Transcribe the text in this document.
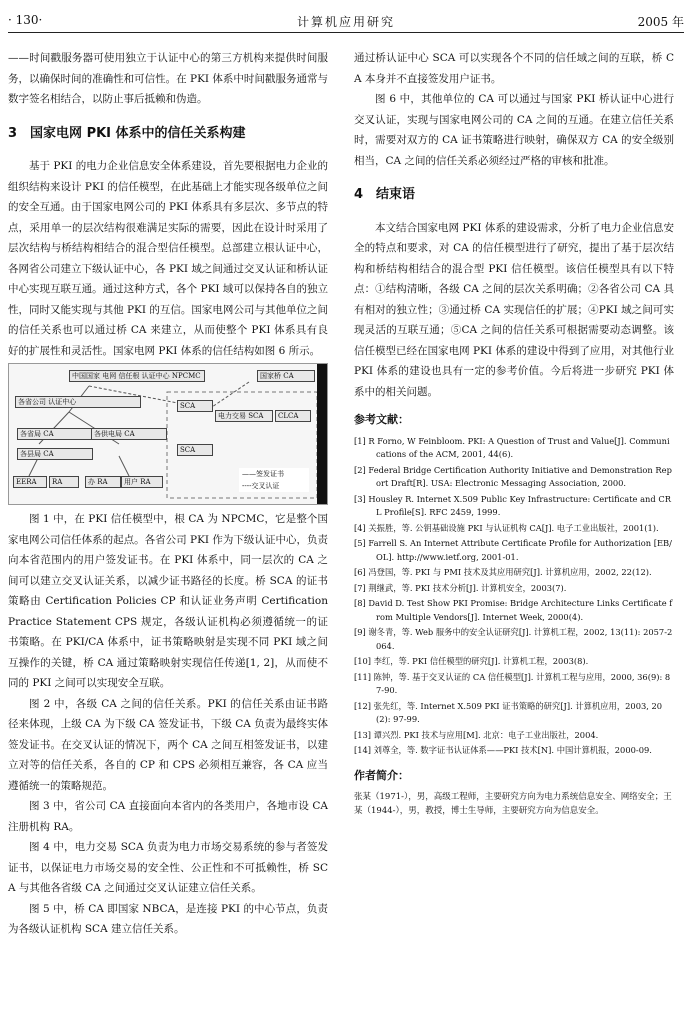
· 130·	计算机应用研究	2005 年

——时间戳服务器可使用独立于认证中心的第三方机构来提供时间服务，以确保时间的准确性和可信性。在 PKI 体系中时间戳服务通常与数字签名相结合，以防止事后抵赖和伪造。

3　国家电网 PKI 体系中的信任关系构建

基于 PKI 的电力企业信息安全体系建设，首先要根据电力企业的组织结构来设计 PKI 的信任模型，在此基础上才能实现各级单位之间的安全互通。由于国家电网公司的 PKI 体系具有多层次、多节点的特点，采用单一的层次结构很难满足实际的需要，因此在设计时采用了层次结构与桥结构相结合的混合型信任模型。总部建立根认证中心，各网省公司建立下级认证中心，各 PKI 域之间通过交叉认证和桥认证中心实现互联互通。通过这种方式，各个 PKI 域可以保持各自的独立性，同时又能实现与其他 PKI 的互信。国家电网公司与其他单位之间的信任关系也可以通过桥 CA 来建立，从而使整个 PKI 体系具有良好的扩展性和灵活性。国家电网 PKI 体系的信任结构如图 6 所示。

中国国家 电网 信任根 认证中心 NPCMC	国家桥 CA
各省公司 认证中心
各省局 CA	各供电局 CA
各县局 CA
EERA	RA	办 RA	用户 RA
SCA
电力交易 SCA
SCA
CLCA
——签发证书
----交叉认证

图 1 中，在 PKI 信任模型中，根 CA 为 NPCMC，它是整个国家电网公司信任体系的起点。各省公司 PKI 作为下级认证中心，负责向本省范围内的用户签发证书。在 PKI 体系中，同一层次的 CA 之间可以建立交叉认证关系，以减少证书路径的长度。桥 SCA 的证书策略由 Certification Policies CP 和认证业务声明 Certification Practice Statement CPS 规定，各级认证机构必须遵循统一的证书策略。在 PKI/CA 体系中，证书策略映射是实现不同 PKI 域之间互操作的关键，桥 CA 通过策略映射实现信任传递[1, 2]，从而使不同的 PKI 之间可以实现安全互联。

图 2 中，各级 CA 之间的信任关系。PKI 的信任关系由证书路径来体现，上级 CA 为下级 CA 签发证书，下级 CA 负责为最终实体签发证书。在交叉认证的情况下，两个 CA 之间互相签发证书，以建立对等的信任关系，各自的 CP 和 CPS 必须相互兼容，各 CA 应当遵循统一的策略规范。

图 3 中，省公司 CA 直接面向本省内的各类用户，各地市设 CA 注册机构 RA。

图 4 中，电力交易 SCA 负责为电力市场交易系统的参与者签发证书，以保证电力市场交易的安全性、公正性和不可抵赖性，桥 SCA 与其他各省级 CA 之间通过交叉认证建立信任关系。

图 5 中，桥 CA 即国家 NBCA，是连接 PKI 的中心节点，负责为各级认证机构 SCA 建立信任关系。

通过桥认证中心 SCA 可以实现各个不同的信任域之间的互联，桥 CA 本身并不直接签发用户证书。

图 6 中，其他单位的 CA 可以通过与国家 PKI 桥认证中心进行交叉认证，实现与国家电网公司的 CA 之间的互通。在建立信任关系时，需要对双方的 CA 证书策略进行映射，确保双方 CA 的安全级别相当，CA 之间的信任关系必须经过严格的审核和批准。

4　结束语

本文结合国家电网 PKI 体系的建设需求，分析了电力企业信息安全的特点和要求，对 CA 的信任模型进行了研究，提出了基于层次结构和桥结构相结合的混合型 PKI 信任模型。该信任模型具有以下特点：①结构清晰，各级 CA 之间的层次关系明确；②各省公司 CA 具有相对的独立性；③通过桥 CA 实现信任的扩展；④PKI 域之间可实现灵活的互联互通；⑤CA 之间的信任关系可根据需要动态调整。该信任模型已经在国家电网 PKI 体系的建设中得到了应用，对其他行业 PKI 体系的建设也具有一定的参考价值。今后将进一步研究 PKI 体系中的相关问题。

参考文献：

[1] R Forno, W Feinbloom. PKI: A Question of Trust and Value[J]. Communications of the ACM, 2001, 44(6).

[2] Federal Bridge Certification Authority Initiative and Demonstration Report Draft[R]. USA: Electronic Messaging Association, 2000.

[3] Housley R. Internet X.509 Public Key Infrastructure: Certificate and CRL Profile[S]. RFC 2459, 1999.

[4] 关振胜，等. 公钥基础设施 PKI 与认证机构 CA[J]. 电子工业出版社，2001(1).

[5] Farrell S. An Internet Attribute Certificate Profile for Authorization [EB/OL]. http://www.ietf.org, 2001-01.

[6] 冯登国，等. PKI 与 PMI 技术及其应用研究[J]. 计算机应用，2002, 22(12).

[7] 荆继武，等. PKI 技术分析[J]. 计算机安全，2003(7).

[8] David D. Test Show PKI Promise: Bridge Architecture Links Certificate from Multiple Vendors[J]. Internet Week, 2000(4).

[9] 谢冬青，等. Web 服务中的安全认证研究[J]. 计算机工程，2002, 13(11): 2057-2064.

[10] 李红，等. PKI 信任模型的研究[J]. 计算机工程，2003(8).

[11] 陈钟，等. 基于交叉认证的 CA 信任模型[J]. 计算机工程与应用，2000, 36(9): 87-90.

[12] 张先红，等. Internet X.509 PKI 证书策略的研究[J]. 计算机应用，2003, 20(2): 97-99.

[13] 谭兴烈. PKI 技术与应用[M]. 北京：电子工业出版社，2004.

[14] 刘尊全，等. 数字证书认证体系——PKI 技术[N]. 中国计算机报，2000-09.

作者简介：

张某（1971-），男，高级工程师，主要研究方向为电力系统信息安全、网络安全；王某（1944-），男，教授，博士生导师，主要研究方向为信息安全。
